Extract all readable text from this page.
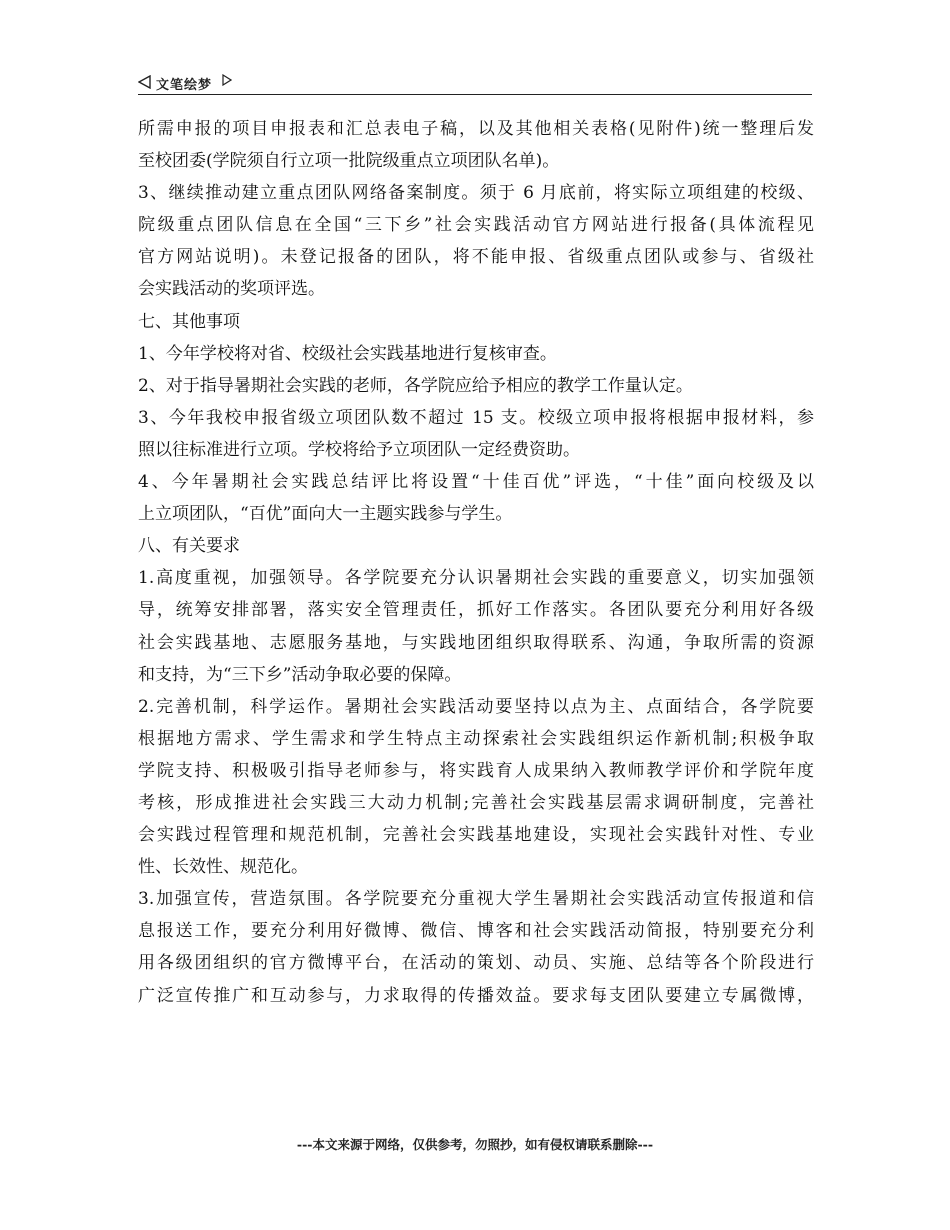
文笔绘梦
所需申报的项目申报表和汇总表电子稿，以及其他相关表格(见附件)统一整理后发
至校团委(学院须自行立项一批院级重点立项团队名单)。
3、继续推动建立重点团队网络备案制度。须于 6 月底前，将实际立项组建的校级、
院级重点团队信息在全国“三下乡”社会实践活动官方网站进行报备(具体流程见
官方网站说明)。未登记报备的团队，将不能申报、省级重点团队或参与、省级社
会实践活动的奖项评选。
七、其他事项
1、今年学校将对省、校级社会实践基地进行复核审查。
2、对于指导暑期社会实践的老师，各学院应给予相应的教学工作量认定。
3、今年我校申报省级立项团队数不超过 15 支。校级立项申报将根据申报材料，参
照以往标准进行立项。学校将给予立项团队一定经费资助。
4、今年暑期社会实践总结评比将设置“十佳百优”评选，“十佳”面向校级及以
上立项团队，“百优”面向大一主题实践参与学生。
八、有关要求
1.高度重视，加强领导。各学院要充分认识暑期社会实践的重要意义，切实加强领
导，统筹安排部署，落实安全管理责任，抓好工作落实。各团队要充分利用好各级
社会实践基地、志愿服务基地，与实践地团组织取得联系、沟通，争取所需的资源
和支持，为“三下乡”活动争取必要的保障。
2.完善机制，科学运作。暑期社会实践活动要坚持以点为主、点面结合，各学院要
根据地方需求、学生需求和学生特点主动探索社会实践组织运作新机制;积极争取
学院支持、积极吸引指导老师参与，将实践育人成果纳入教师教学评价和学院年度
考核，形成推进社会实践三大动力机制;完善社会实践基层需求调研制度，完善社
会实践过程管理和规范机制，完善社会实践基地建设，实现社会实践针对性、专业
性、长效性、规范化。
3.加强宣传，营造氛围。各学院要充分重视大学生暑期社会实践活动宣传报道和信
息报送工作，要充分利用好微博、微信、博客和社会实践活动简报，特别要充分利
用各级团组织的官方微博平台，在活动的策划、动员、实施、总结等各个阶段进行
广泛宣传推广和互动参与，力求取得的传播效益。要求每支团队要建立专属微博，
---本文来源于网络，仅供参考，勿照抄，如有侵权请联系删除---
